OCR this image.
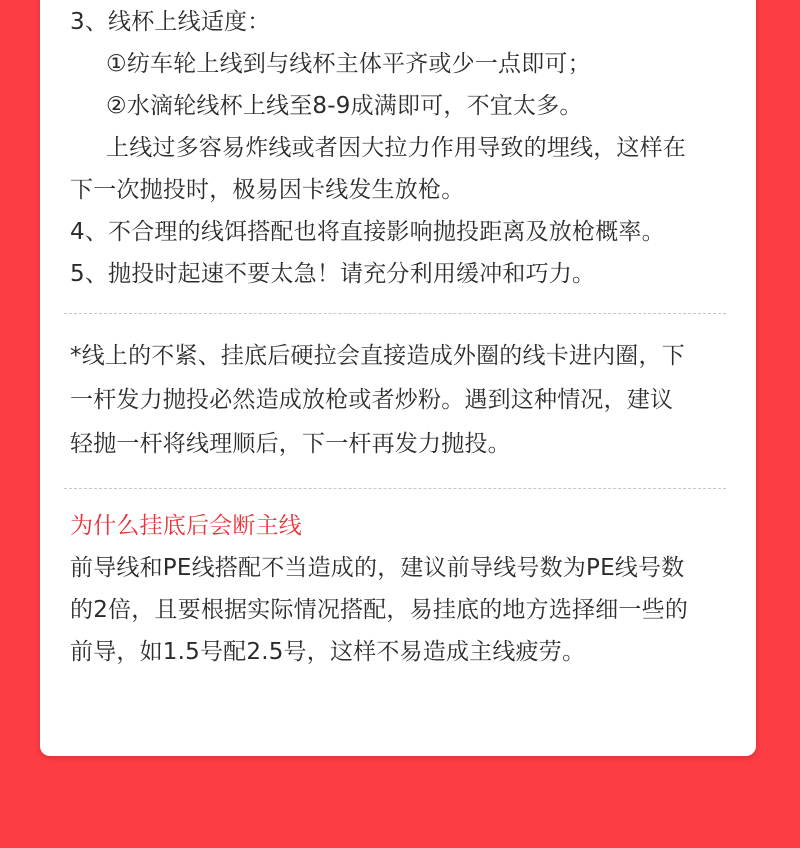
3、线杯上线适度：
①纺车轮上线到与线杯主体平齐或少一点即可；
②水滴轮线杯上线至8-9成满即可，不宜太多。
上线过多容易炸线或者因大拉力作用导致的埋线，这样在
下一次抛投时，极易因卡线发生放枪。
4、不合理的线饵搭配也将直接影响抛投距离及放枪概率。
5、抛投时起速不要太急！请充分利用缓冲和巧力。
*线上的不紧、挂底后硬拉会直接造成外圈的线卡进内圈，下
一杆发力抛投必然造成放枪或者炒粉。遇到这种情况，建议
轻抛一杆将线理顺后，下一杆再发力抛投。
为什么挂底后会断主线
前导线和PE线搭配不当造成的，建议前导线号数为PE线号数
的2倍，且要根据实际情况搭配，易挂底的地方选择细一些的
前导，如1.5号配2.5号，这样不易造成主线疲劳。
